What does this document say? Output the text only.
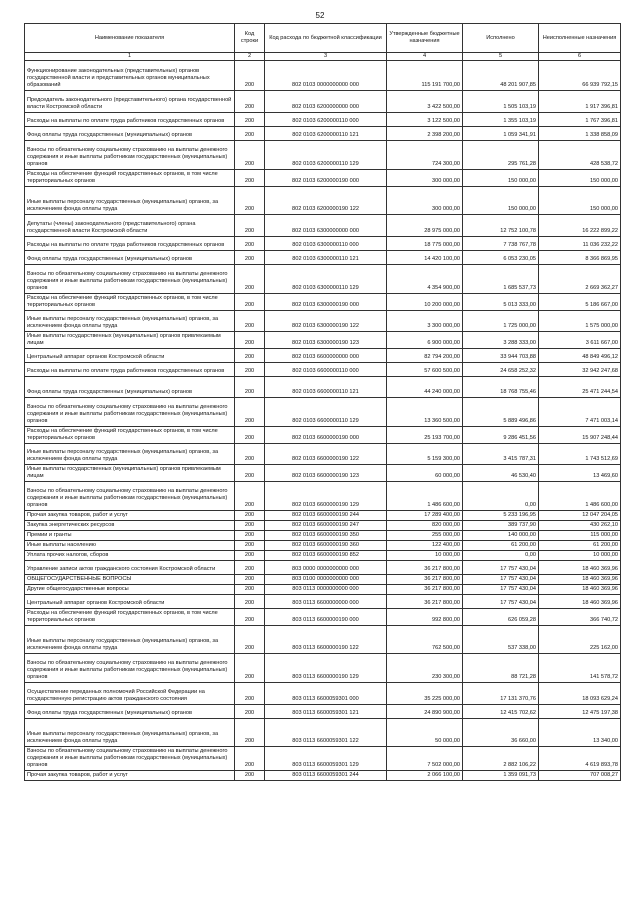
52
Наименование показателя	Код строки	Код расхода по бюджетной классификации	Утвержденные бюджетные назначения	Исполнено	Неисполненные назначения
1	2	3	4	5	6
Функционирование законодательных (представительных) органов государственной власти и представительных органов муниципальных образований	200	802 0103 0000000000 000	115 191 700,00	48 201 907,85	66 939 792,15
Председатель законодательного (представительного) органа государственной власти Костромской области	200	802 0103 6200000000 000	3 422 500,00	1 505 103,19	1 917 396,81
Расходы на выплаты по оплате труда работников государственных органов	200	802 0103 6200000110 000	3 122 500,00	1 355 103,19	1 767 396,81
Фонд оплаты труда государственных (муниципальных) органов	200	802 0103 6200000110 121	2 398 200,00	1 059 341,91	1 338 858,09
Взносы по обязательному социальному страхованию на выплаты денежного содержания и иные выплаты работникам государственных (муниципальных) органов	200	802 0103 6200000110 129	724 300,00	295 761,28	428 538,72
Расходы на обеспечение функций государственных органов, в том числе территориальных органов	200	802 0103 6200000190 000	300 000,00	150 000,00	150 000,00
Иные выплаты персоналу государственных (муниципальных) органов, за исключением фонда оплаты труда	200	802 0103 6200000190 122	300 000,00	150 000,00	150 000,00
Депутаты (члены) законодательного (представительного) органа государственной власти Костромской области	200	802 0103 6300000000 000	28 975 000,00	12 752 100,78	16 222 899,22
Расходы на выплаты по оплате труда работников государственных органов	200	802 0103 6300000110 000	18 775 000,00	7 738 767,78	11 036 232,22
Фонд оплаты труда государственных (муниципальных) органов	200	802 0103 6300000110 121	14 420 100,00	6 053 230,05	8 366 869,95
Взносы по обязательному социальному страхованию на выплаты денежного содержания и иные выплаты работникам государственных (муниципальных) органов	200	802 0103 6300000110 129	4 354 900,00	1 685 537,73	2 669 362,27
Расходы на обеспечение функций государственных органов, в том числе территориальных органов	200	802 0103 6300000190 000	10 200 000,00	5 013 333,00	5 186 667,00
Иные выплаты персоналу государственных (муниципальных) органов, за исключением фонда оплаты труда	200	802 0103 6300000190 122	3 300 000,00	1 725 000,00	1 575 000,00
Иные выплаты государственных (муниципальных) органов привлекаемым лицам	200	802 0103 6300000190 123	6 900 000,00	3 288 333,00	3 611 667,00
Центральный аппарат органов Костромской области	200	802 0103 6600000000 000	82 794 200,00	33 944 703,88	48 849 496,12
Расходы на выплаты по оплате труда работников государственных органов	200	802 0103 6600000110 000	57 600 500,00	24 658 252,32	32 942 247,68
Фонд оплаты труда государственных (муниципальных) органов	200	802 0103 6600000110 121	44 240 000,00	18 768 755,46	25 471 244,54
Взносы по обязательному социальному страхованию на выплаты денежного содержания и иные выплаты работникам государственных (муниципальных) органов	200	802 0103 6600000110 129	13 360 500,00	5 889 496,86	7 471 003,14
Расходы на обеспечение функций государственных органов, в том числе территориальных органов	200	802 0103 6600000190 000	25 193 700,00	9 286 451,56	15 907 248,44
Иные выплаты персоналу государственных (муниципальных) органов, за исключением фонда оплаты труда	200	802 0103 6600000190 122	5 159 300,00	3 415 787,31	1 743 512,69
Иные выплаты государственных (муниципальных) органов привлекаемым лицам	200	802 0103 6600000190 123	60 000,00	46 530,40	13 469,60
Взносы по обязательному социальному страхованию на выплаты денежного содержания и иные выплаты работникам государственных (муниципальных) органов	200	802 0103 6600000190 129	1 486 600,00	0,00	1 486 600,00
Прочая закупка товаров, работ и услуг	200	802 0103 6600000190 244	17 289 400,00	5 233 196,95	12 047 204,05
Закупка энергетических ресурсов	200	802 0103 6600000190 247	820 000,00	389 737,90	430 262,10
Премии и гранты	200	802 0103 6600000190 350	255 000,00	140 000,00	115 000,00
Иные выплаты населению	200	802 0103 6600000190 360	122 400,00	61 200,00	61 200,00
Уплата прочих налогов, сборов	200	802 0103 6600000190 852	10 000,00	0,00	10 000,00
Управление записи актов гражданского состояния Костромской области	200	803 0000 0000000000 000	36 217 800,00	17 757 430,04	18 460 369,96
ОБЩЕГОСУДАРСТВЕННЫЕ ВОПРОСЫ	200	803 0100 0000000000 000	36 217 800,00	17 757 430,04	18 460 369,96
Другие общегосударственные вопросы	200	803 0113 0000000000 000	36 217 800,00	17 757 430,04	18 460 369,96
Центральный аппарат органов Костромской области	200	803 0113 6600000000 000	36 217 800,00	17 757 430,04	18 460 369,96
Расходы на обеспечение функций государственных органов, в том числе территориальных органов	200	803 0113 6600000190 000	992 800,00	626 059,28	366 740,72
Иные выплаты персоналу государственных (муниципальных) органов, за исключением фонда оплаты труда	200	803 0113 6600000190 122	762 500,00	537 338,00	225 162,00
Взносы по обязательному социальному страхованию на выплаты денежного содержания и иные выплаты работникам государственных (муниципальных) органов	200	803 0113 6600000190 129	230 300,00	88 721,28	141 578,72
Осуществление переданных полномочий Российской Федерации на государственную регистрацию актов гражданского состояния	200	803 0113 6600059301 000	35 225 000,00	17 131 370,76	18 093 629,24
Фонд оплаты труда государственных (муниципальных) органов	200	803 0113 6600059301 121	24 890 900,00	12 415 702,62	12 475 197,38
Иные выплаты персоналу государственных (муниципальных) органов, за исключением фонда оплаты труда	200	803 0113 6600059301 122	50 000,00	36 660,00	13 340,00
Взносы по обязательному социальному страхованию на выплаты денежного содержания и иные выплаты работникам государственных (муниципальных) органов	200	803 0113 6600059301 129	7 502 000,00	2 882 106,22	4 619 893,78
Прочая закупка товаров, работ и услуг	200	803 0113 6600059301 244	2 066 100,00	1 359 091,73	707 008,27
